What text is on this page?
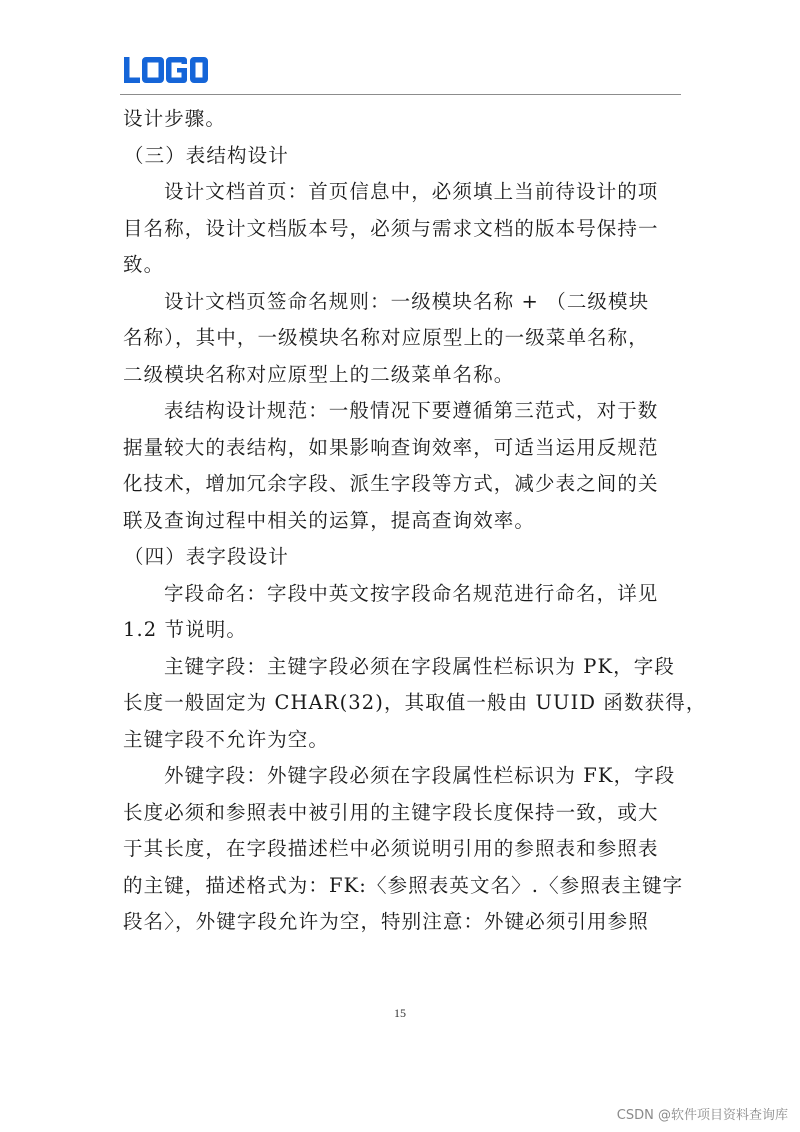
设计步骤。
（三）表结构设计
设计文档首页：首页信息中，必须填上当前待设计的项
目名称，设计文档版本号，必须与需求文档的版本号保持一
致。
设计文档页签命名规则：一级模块名称 + （二级模块
名称），其中，一级模块名称对应原型上的一级菜单名称，
二级模块名称对应原型上的二级菜单名称。
表结构设计规范：一般情况下要遵循第三范式，对于数
据量较大的表结构，如果影响查询效率，可适当运用反规范
化技术，增加冗余字段、派生字段等方式，减少表之间的关
联及查询过程中相关的运算，提高查询效率。
（四）表字段设计
字段命名：字段中英文按字段命名规范进行命名，详见
1.2 节说明。
主键字段：主键字段必须在字段属性栏标识为 PK，字段
长度一般固定为 CHAR(32)，其取值一般由 UUID 函数获得，
主键字段不允许为空。
外键字段：外键字段必须在字段属性栏标识为 FK，字段
长度必须和参照表中被引用的主键字段长度保持一致，或大
于其长度，在字段描述栏中必须说明引用的参照表和参照表
的主键，描述格式为：FK:〈参照表英文名〉.〈参照表主键字
段名〉，外键字段允许为空，特别注意：外键必须引用参照
15
CSDN @软件项目资料查询库
